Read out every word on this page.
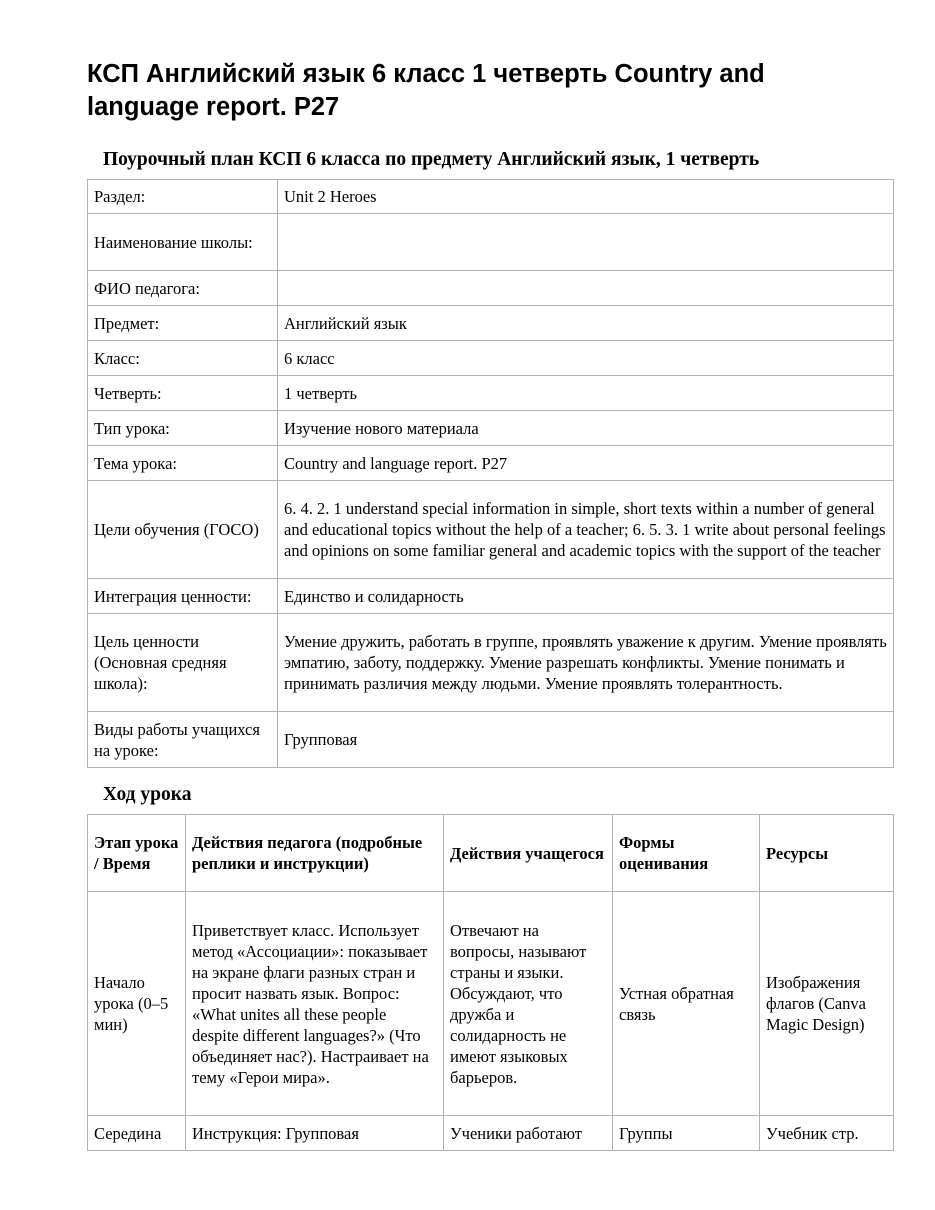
КСП Английский язык 6 класс 1 четверть Country and language report. P27
Поурочный план КСП 6 класса по предмету Английский язык, 1 четверть
Раздел:	Unit 2 Heroes
Наименование школы:	
ФИО педагога:	
Предмет:	Английский язык
Класс:	6 класс
Четверть:	1 четверть
Тип урока:	Изучение нового материала
Тема урока:	Country and language report. P27
Цели обучения (ГОСО)	6. 4. 2. 1 understand special information in simple, short texts within a number of general and educational topics without the help of a teacher; 6. 5. 3. 1 write about personal feelings and opinions on some familiar general and academic topics with the support of the teacher
Интеграция ценности:	Единство и солидарность
Цель ценности (Основная средняя школа):	Умение дружить, работать в группе, проявлять уважение к другим. Умение проявлять эмпатию, заботу, поддержку. Умение разрешать конфликты. Умение понимать и принимать различия между людьми. Умение проявлять толерантность.
Виды работы учащихся на уроке:	Групповая
Ход урока
Этап урока / Время	Действия педагога (подробные реплики и инструкции)	Действия учащегося	Формы оценивания	Ресурсы
Начало урока (0–5 мин)	Приветствует класс. Использует метод «Ассоциации»: показывает на экране флаги разных стран и просит назвать язык. Вопрос: «What unites all these people despite different languages?» (Что объединяет нас?). Настраивает на тему «Герои мира».	Отвечают на вопросы, называют страны и языки. Обсуждают, что дружба и солидарность не имеют языковых барьеров.	Устная обратная связь	Изображения флагов (Canva Magic Design)
Середина	Инструкция: Групповая	Ученики работают	Группы	Учебник стр.
